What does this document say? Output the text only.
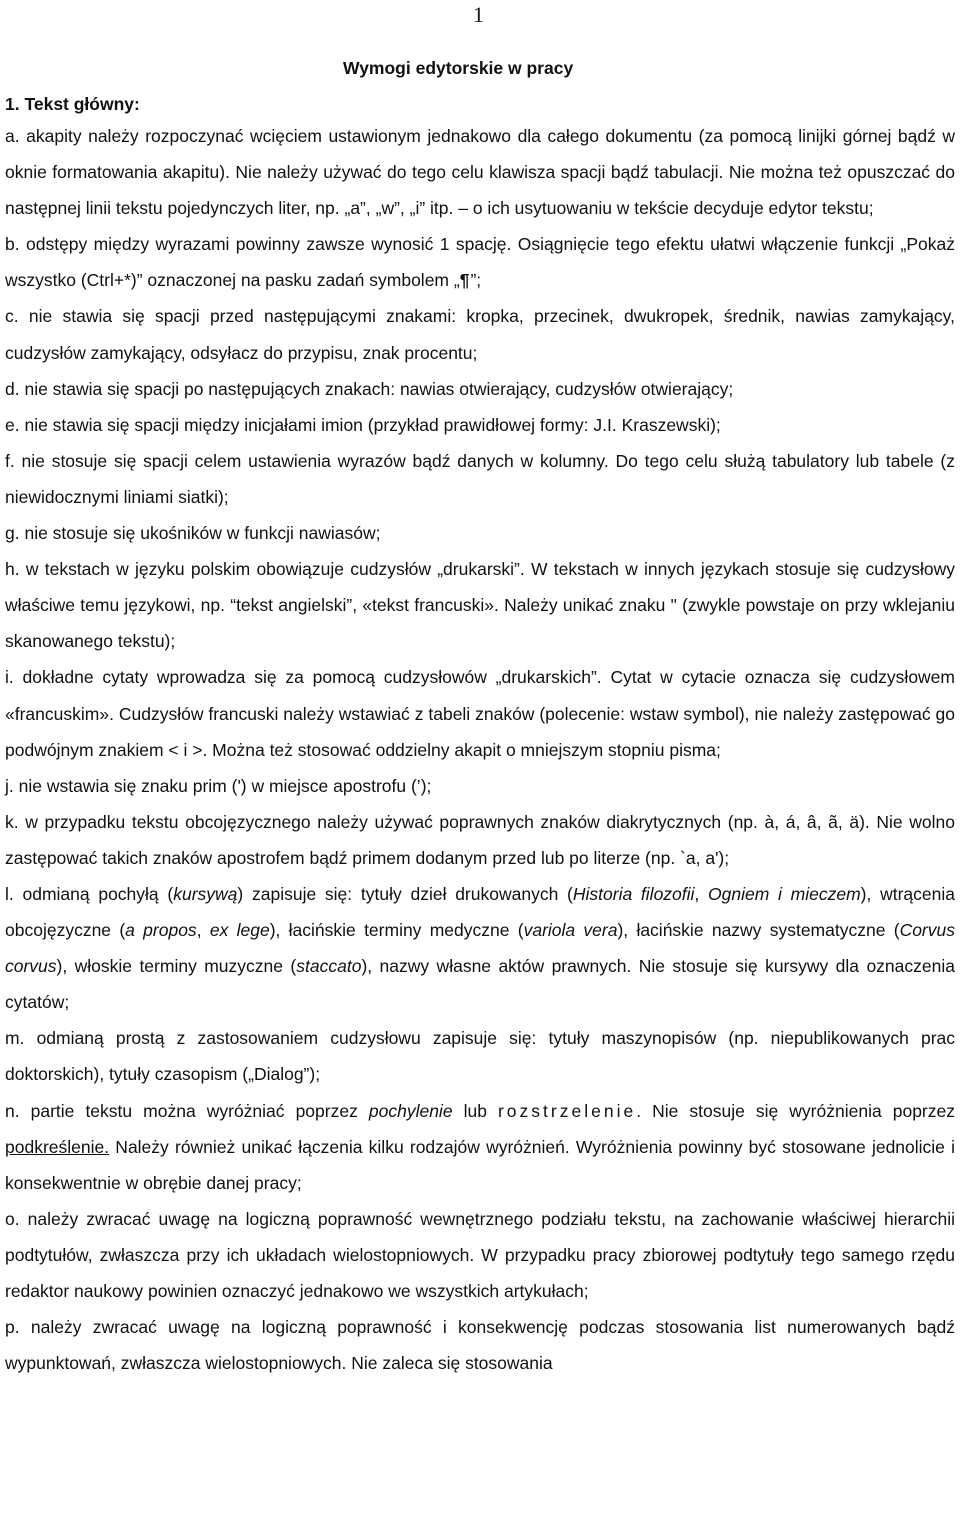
1
Wymogi edytorskie w pracy
1. Tekst główny:

a. akapity należy rozpoczynać wcięciem ustawionym jednakowo dla całego dokumentu (za pomocą linijki górnej bądź w oknie formatowania akapitu). Nie należy używać do tego celu klawisza spacji bądź tabulacji. Nie można też opuszczać do następnej linii tekstu pojedynczych liter, np. „a”, „w”, „i” itp. – o ich usytuowaniu w tekście decyduje edytor tekstu;

b. odstępy między wyrazami powinny zawsze wynosić 1 spację. Osiągnięcie tego efektu ułatwi włączenie funkcji „Pokaż wszystko (Ctrl+*)” oznaczonej na pasku zadań symbolem „¶”;

c. nie stawia się spacji przed następującymi znakami: kropka, przecinek, dwukropek, średnik, nawias zamykający, cudzysłów zamykający, odsyłacz do przypisu, znak procentu;

d. nie stawia się spacji po następujących znakach: nawias otwierający, cudzysłów otwierający;

e. nie stawia się spacji między inicjałami imion (przykład prawidłowej formy: J.I. Kraszewski);

f. nie stosuje się spacji celem ustawienia wyrazów bądź danych w kolumny. Do tego celu służą tabulatory lub tabele (z niewidocznymi liniami siatki);

g. nie stosuje się ukośników w funkcji nawiasów;

h. w tekstach w języku polskim obowiązuje cudzysłów „drukarski”. W tekstach w innych językach stosuje się cudzysłowy właściwe temu językowi, np. “tekst angielski”, «tekst francuski». Należy unikać znaku " (zwykle powstaje on przy wklejaniu skanowanego tekstu);

i. dokładne cytaty wprowadza się za pomocą cudzysłowów „drukarskich”. Cytat w cytacie oznacza się cudzysłowem «francuskim». Cudzysłów francuski należy wstawiać z tabeli znaków (polecenie: wstaw symbol), nie należy zastępować go podwójnym znakiem < i >. Można też stosować oddzielny akapit o mniejszym stopniu pisma;

j. nie wstawia się znaku prim (') w miejsce apostrofu (’);

k. w przypadku tekstu obcojęzycznego należy używać poprawnych znaków diakrytycznych (np. à, á, â, ã, ä). Nie wolno zastępować takich znaków apostrofem bądź primem dodanym przed lub po literze (np. `a, a');

l. odmianą pochyłą (kursywą) zapisuje się: tytuły dzieł drukowanych (Historia filozofii, Ogniem i mieczem), wtrącenia obcojęzyczne (a propos, ex lege), łacińskie terminy medyczne (variola vera), łacińskie nazwy systematyczne (Corvus corvus), włoskie terminy muzyczne (staccato), nazwy własne aktów prawnych. Nie stosuje się kursywy dla oznaczenia cytatów;

m. odmianą prostą z zastosowaniem cudzysłowu zapisuje się: tytuły maszynopisów (np. niepublikowanych prac doktorskich), tytuły czasopism („Dialog”);

n. partie tekstu można wyróżniać poprzez pochylenie lub rozstrzelenie. Nie stosuje się wyróżnienia poprzez podkreślenie. Należy również unikać łączenia kilku rodzajów wyróżnień. Wyróżnienia powinny być stosowane jednolicie i konsekwentnie w obrębie danej pracy;

o. należy zwracać uwagę na logiczną poprawność wewnętrznego podziału tekstu, na zachowanie właściwej hierarchii podtytułów, zwłaszcza przy ich układach wielostopniowych. W przypadku pracy zbiorowej podtytuły tego samego rzędu redaktor naukowy powinien oznaczyć jednakowo we wszystkich artykułach;

p. należy zwracać uwagę na logiczną poprawność i konsekwencję podczas stosowania list numerowanych bądź wypunktowań, zwłaszcza wielostopniowych. Nie zaleca się stosowania
